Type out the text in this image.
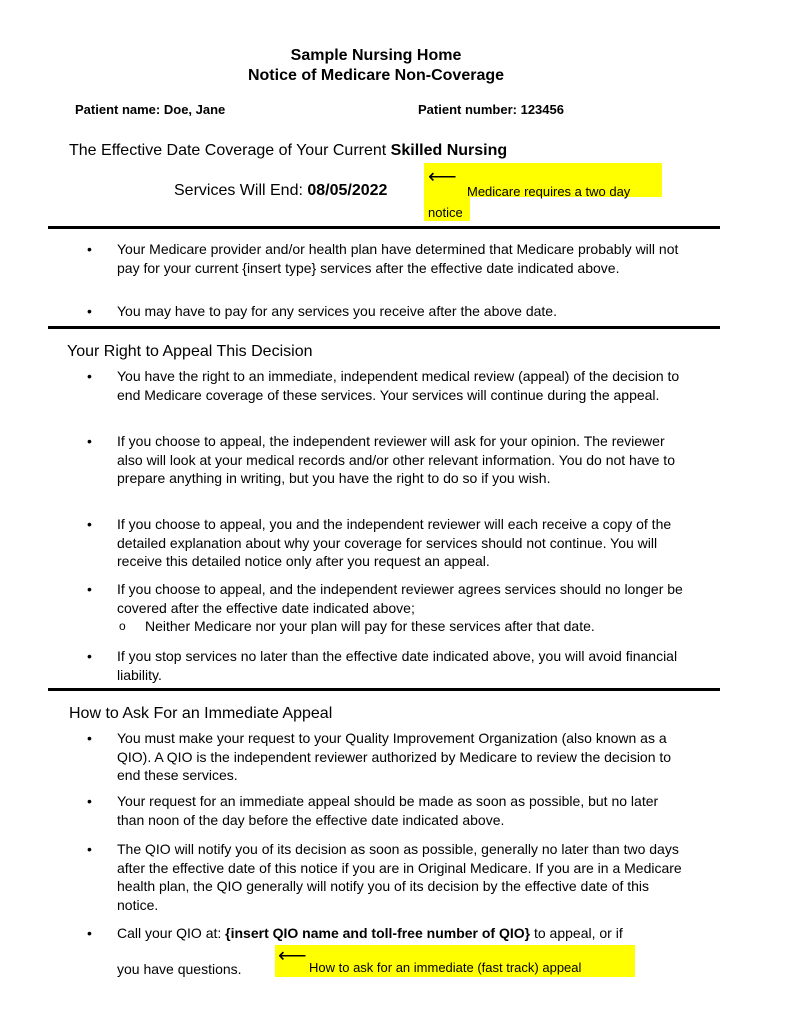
Sample Nursing Home
Notice of Medicare Non-Coverage
Patient name: Doe, Jane	Patient number: 123456
The Effective Date Coverage of Your Current Skilled Nursing
Services Will End: 08/05/2022
⟵
Medicare requires a two day
notice
• Your Medicare provider and/or health plan have determined that Medicare probably will not pay for your current {insert type} services after the effective date indicated above.
• You may have to pay for any services you receive after the above date.
Your Right to Appeal This Decision
• You have the right to an immediate, independent medical review (appeal) of the decision to end Medicare coverage of these services. Your services will continue during the appeal.
• If you choose to appeal, the independent reviewer will ask for your opinion. The reviewer also will look at your medical records and/or other relevant information. You do not have to prepare anything in writing, but you have the right to do so if you wish.
• If you choose to appeal, you and the independent reviewer will each receive a copy of the detailed explanation about why your coverage for services should not continue. You will receive this detailed notice only after you request an appeal.
• If you choose to appeal, and the independent reviewer agrees services should no longer be covered after the effective date indicated above;
o Neither Medicare nor your plan will pay for these services after that date.
• If you stop services no later than the effective date indicated above, you will avoid financial liability.
How to Ask For an Immediate Appeal
• You must make your request to your Quality Improvement Organization (also known as a QIO). A QIO is the independent reviewer authorized by Medicare to review the decision to end these services.
• Your request for an immediate appeal should be made as soon as possible, but no later than noon of the day before the effective date indicated above.
• The QIO will notify you of its decision as soon as possible, generally no later than two days after the effective date of this notice if you are in Original Medicare. If you are in a Medicare health plan, the QIO generally will notify you of its decision by the effective date of this notice.
• Call your QIO at: {insert QIO name and toll-free number of QIO} to appeal, or if
you have questions.
⟵
How to ask for an immediate (fast track) appeal
